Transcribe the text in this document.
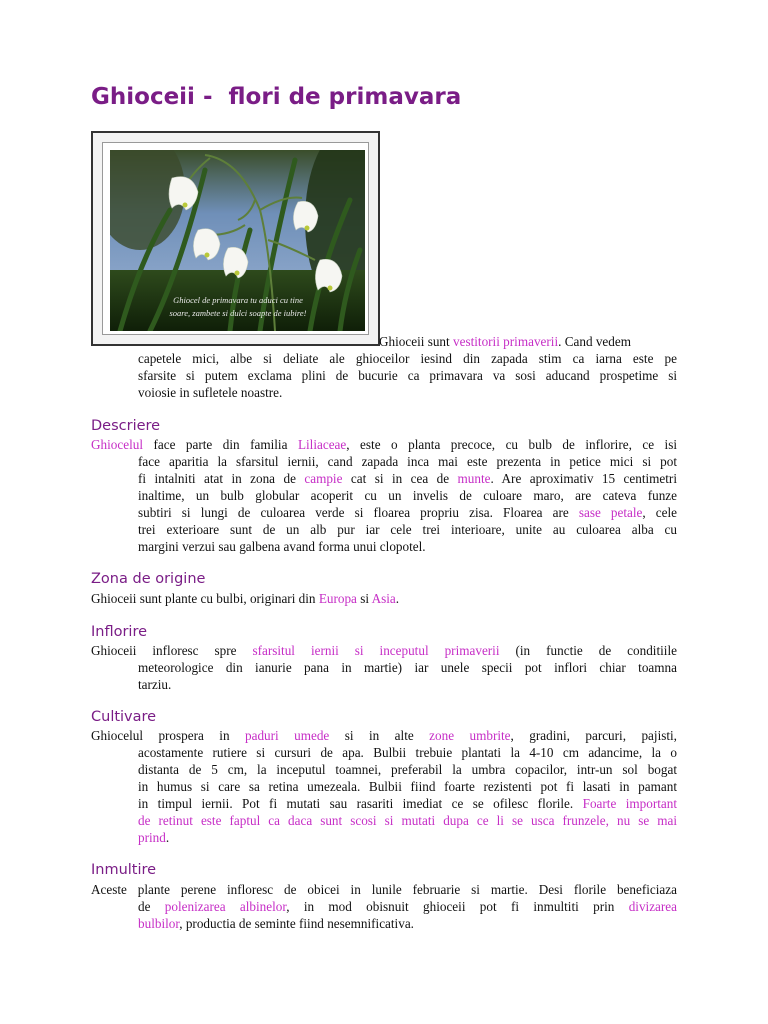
Ghioceii -  flori de primavara
Ghiocel de primavara tu aduci cu tine
soare, zambete si dulci soapte de iubire!
Ghioceii sunt vestitorii primaverii. Cand vedem
capetele mici, albe si deliate ale ghioceilor iesind din zapada stim ca iarna este pe
sfarsite si putem exclama plini de bucurie ca primavara va sosi aducand prospetime si
voiosie in sufletele noastre.
Descriere
Ghiocelul face parte din familia Liliaceae, este o planta precoce, cu bulb de inflorire, ce isi
face aparitia la sfarsitul iernii, cand zapada inca mai este prezenta in petice mici si pot
fi intalniti atat in zona de campie cat si in cea de munte. Are aproximativ 15 centimetri
inaltime, un bulb globular acoperit cu un invelis de culoare maro, are cateva funze
subtiri si lungi de culoarea verde si floarea propriu zisa. Floarea are sase petale, cele
trei exterioare sunt de un alb pur iar cele trei interioare, unite au culoarea alba cu
margini verzui sau galbena avand forma unui clopotel.
Zona de origine
Ghioceii sunt plante cu bulbi, originari din Europa si Asia.
Inflorire
Ghioceii infloresc spre sfarsitul iernii si inceputul primaverii (in functie de conditiile
meteorologice din ianurie pana in martie) iar unele specii pot inflori chiar toamna
tarziu.
Cultivare
Ghiocelul prospera in paduri umede si in alte zone umbrite, gradini, parcuri, pajisti,
acostamente rutiere si cursuri de apa. Bulbii trebuie plantati la 4-10 cm adancime, la o
distanta de 5 cm, la inceputul toamnei, preferabil la umbra copacilor, intr-un sol bogat
in humus si care sa retina umezeala. Bulbii fiind foarte rezistenti pot fi lasati in pamant
in timpul iernii. Pot fi mutati sau rasariti imediat ce se ofilesc florile. Foarte important
de retinut este faptul ca daca sunt scosi si mutati dupa ce li se usca frunzele, nu se mai
prind.
Inmultire
Aceste plante perene infloresc de obicei in lunile februarie si martie. Desi florile beneficiaza
de polenizarea albinelor, in mod obisnuit ghioceii pot fi inmultiti prin divizarea
bulbilor, productia de seminte fiind nesemnificativa.
